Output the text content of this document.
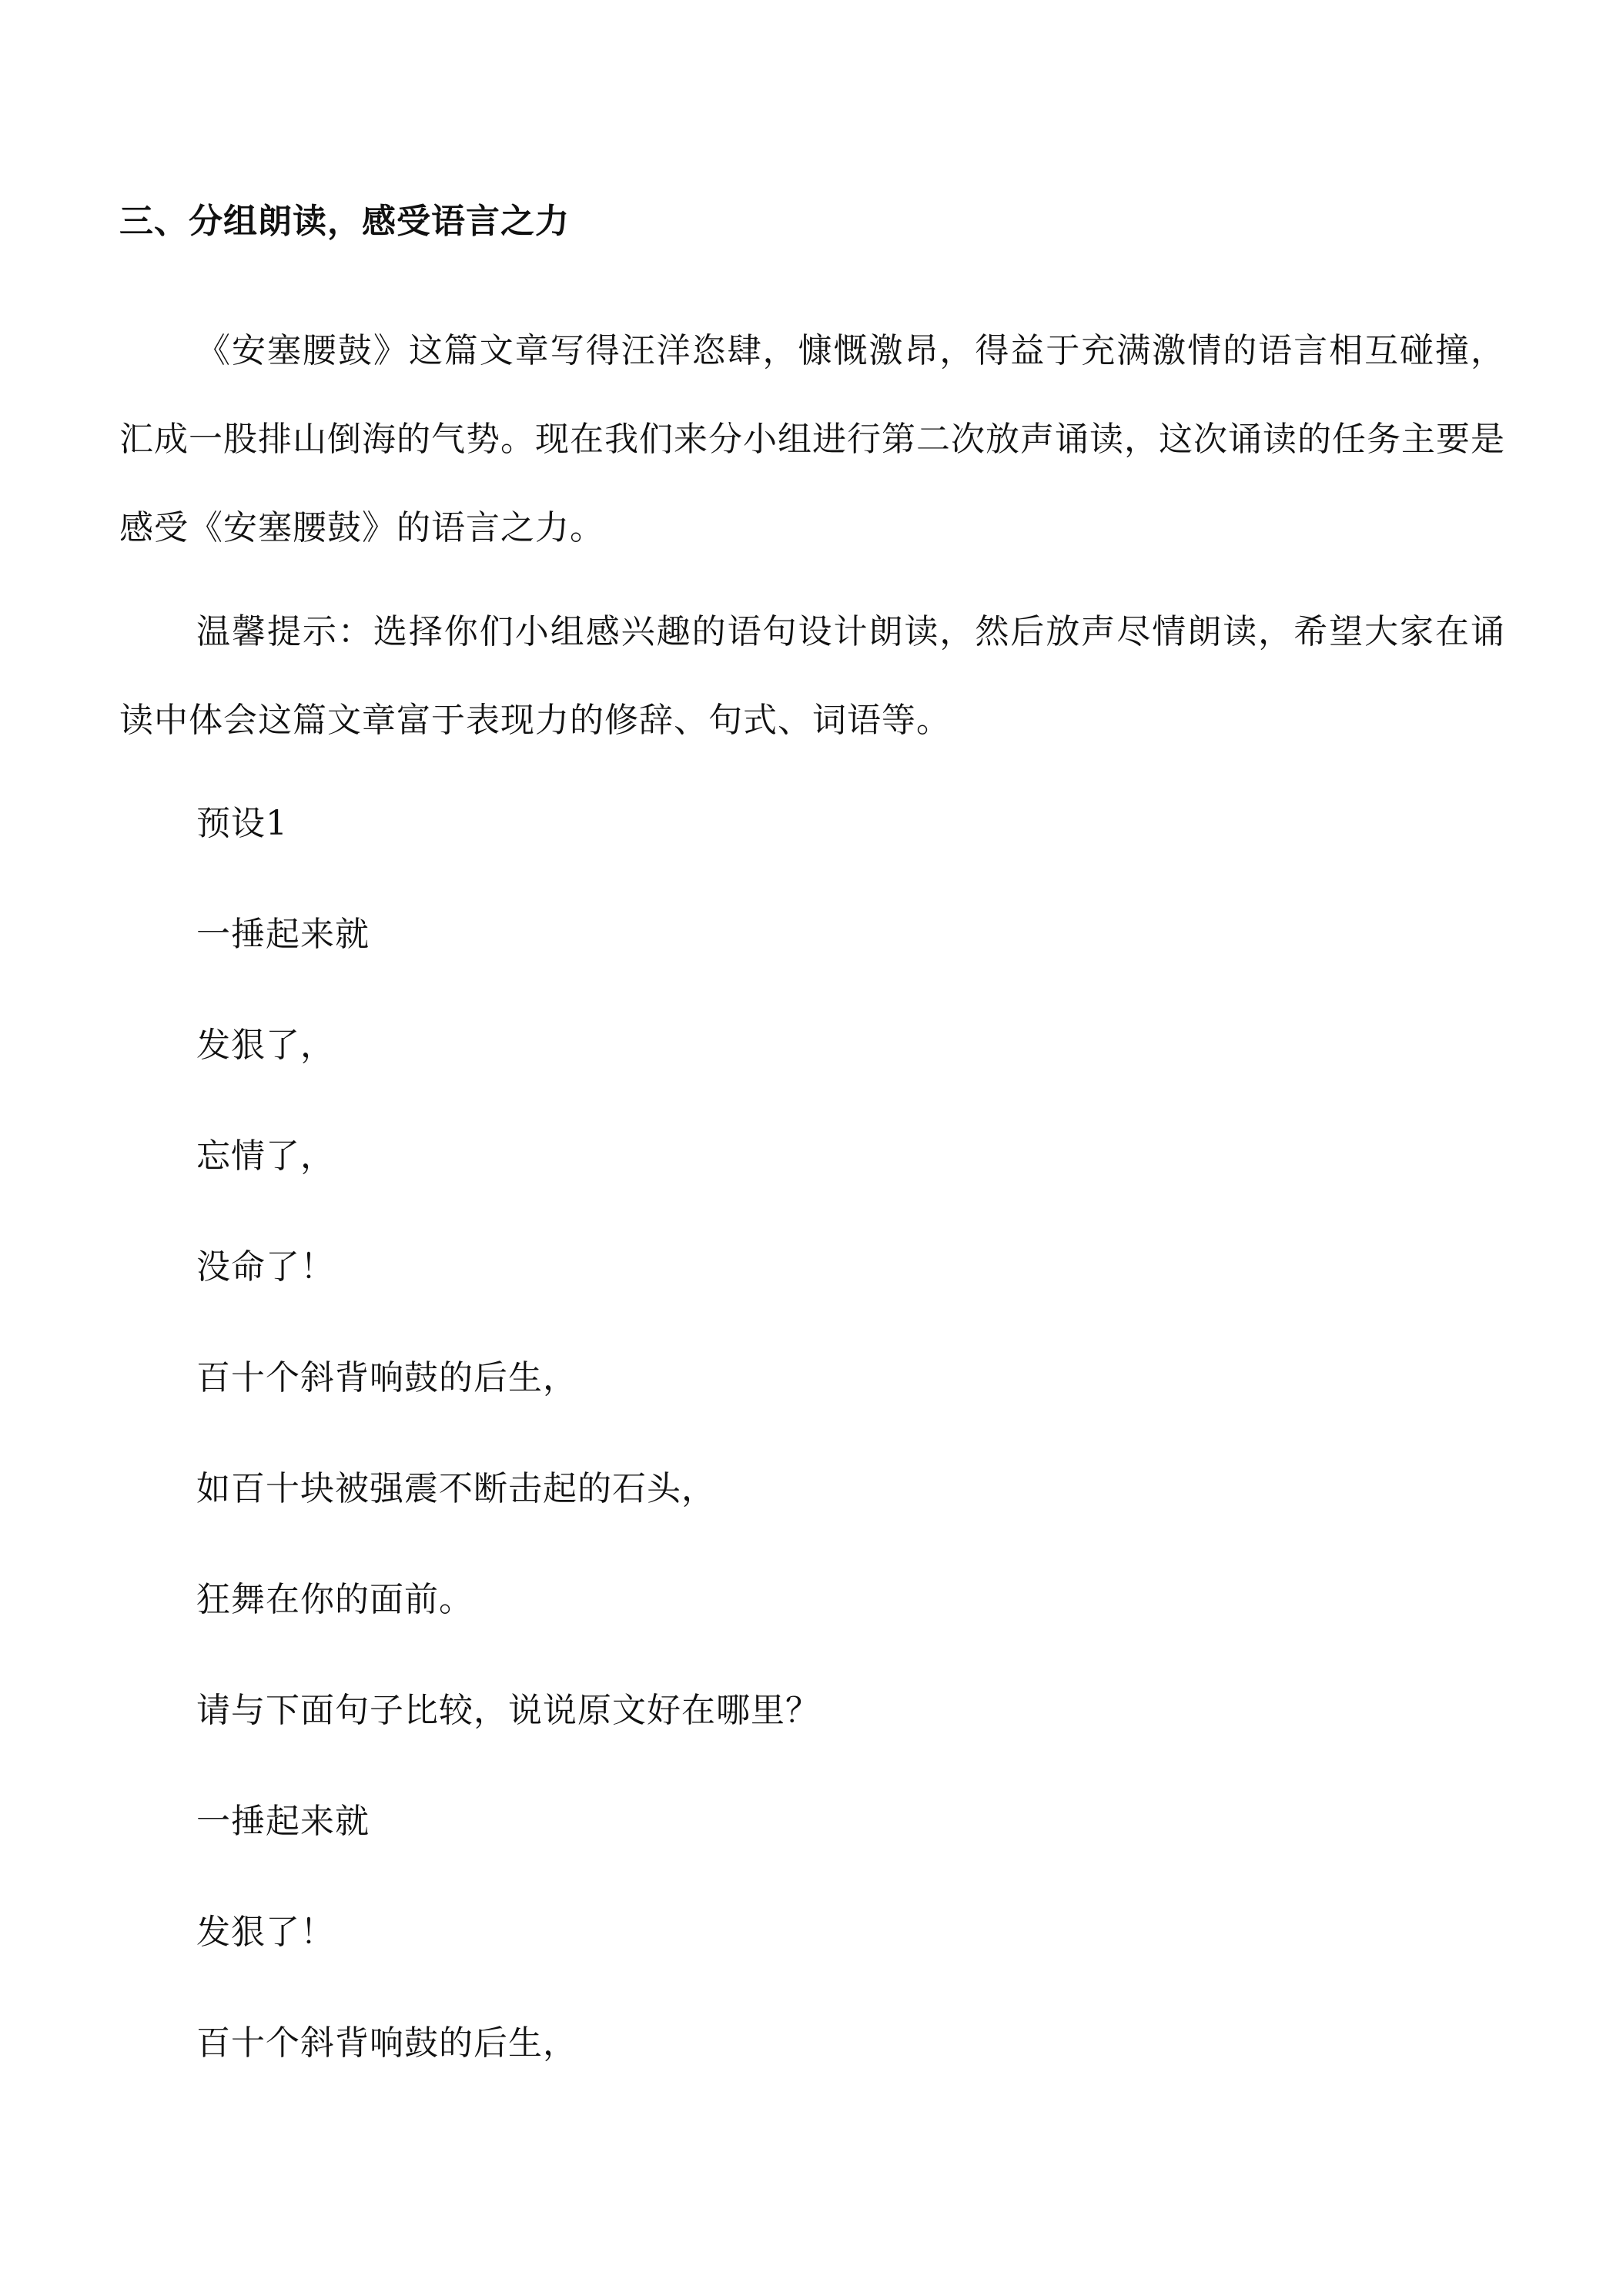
三、分组朗读，感受语言之力

《安塞腰鼓》这篇文章写得汪洋恣肆，慷慨激昂，得益于充满激情的语言相互碰撞，汇成一股排山倒海的气势。现在我们来分小组进行第二次放声诵读，这次诵读的任务主要是感受《安塞腰鼓》的语言之力。

温馨提示：选择你们小组感兴趣的语句设计朗读，然后放声尽情朗读，希望大家在诵读中体会这篇文章富于表现力的修辞、句式、词语等。

预设1

一捶起来就

发狠了，

忘情了，

没命了！

百十个斜背响鼓的后生，

如百十块被强震不断击起的石头，

狂舞在你的面前。

请与下面句子比较，说说原文好在哪里？

一捶起来就

发狠了！

百十个斜背响鼓的后生，
